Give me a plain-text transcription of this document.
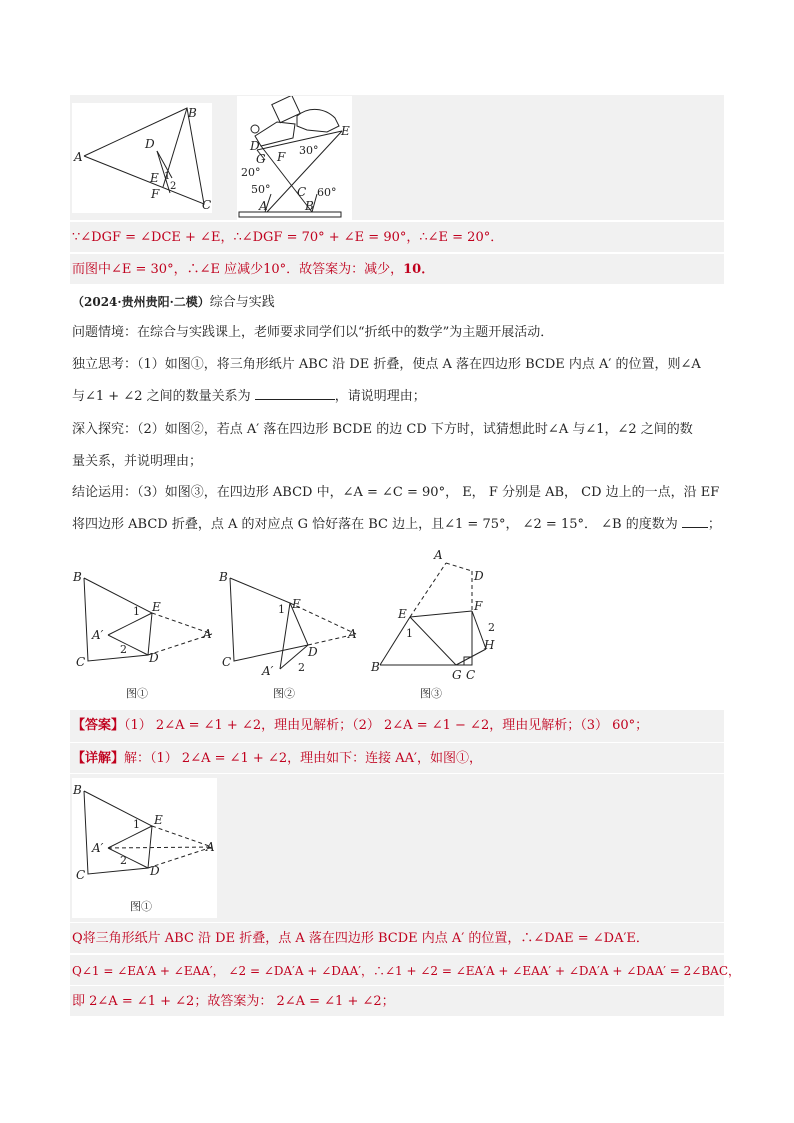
A
B
C
D
E
F
1
2
D
G F
E
A	B
C
30°
20°
50°	60°
∵∠DGF = ∠DCE + ∠E，∴∠DGF = 70° + ∠E = 90°，∴∠E = 20°．
而图中∠E = 30°，∴∠E 应减少10°．故答案为：减少，10．
（2024·贵州贵阳·二模）综合与实践
问题情境：在综合与实践课上，老师要求同学们以“折纸中的数学”为主题开展活动．
独立思考：（1）如图①，将三角形纸片 ABC 沿 DE 折叠，使点 A 落在四边形 BCDE 内点 A′ 的位置，则∠A
与∠1 + ∠2 之间的数量关系为	，请说明理由；
深入探究：（2）如图②，若点 A′ 落在四边形 BCDE 的边 CD 下方时，试猜想此时∠A 与∠1，∠2 之间的数
量关系，并说明理由；
结论运用：（3）如图③，在四边形 ABCD 中，∠A = ∠C = 90°， E， F 分别是 AB， CD 边上的一点，沿 EF
将四边形 ABCD 折叠，点 A 的对应点 G 恰好落在 BC 边上，且∠1 = 75°， ∠2 = 15°． ∠B 的度数为 ；
B
C
E
D
A
A′
1
2
图①
B
C
E
D
A
A′
1
2
图②
A
D
E
F
H
B
G C
1	2
图③
【答案】（1） 2∠A = ∠1 + ∠2，理由见解析；（2） 2∠A = ∠1 − ∠2，理由见解析；（3） 60°；
【详解】解：（1） 2∠A = ∠1 + ∠2，理由如下：连接 AA′，如图①，
B
C
E
D
A
A′
1
2
图①
Q将三角形纸片 ABC 沿 DE 折叠，点 A 落在四边形 BCDE 内点 A′ 的位置，∴∠DAE = ∠DA′E．
Q∠1 = ∠EA′A + ∠EAA′， ∠2 = ∠DA′A + ∠DAA′，∴∠1 + ∠2 = ∠EA′A + ∠EAA′ + ∠DA′A + ∠DAA′ = 2∠BAC，
即 2∠A = ∠1 + ∠2；故答案为： 2∠A = ∠1 + ∠2；
